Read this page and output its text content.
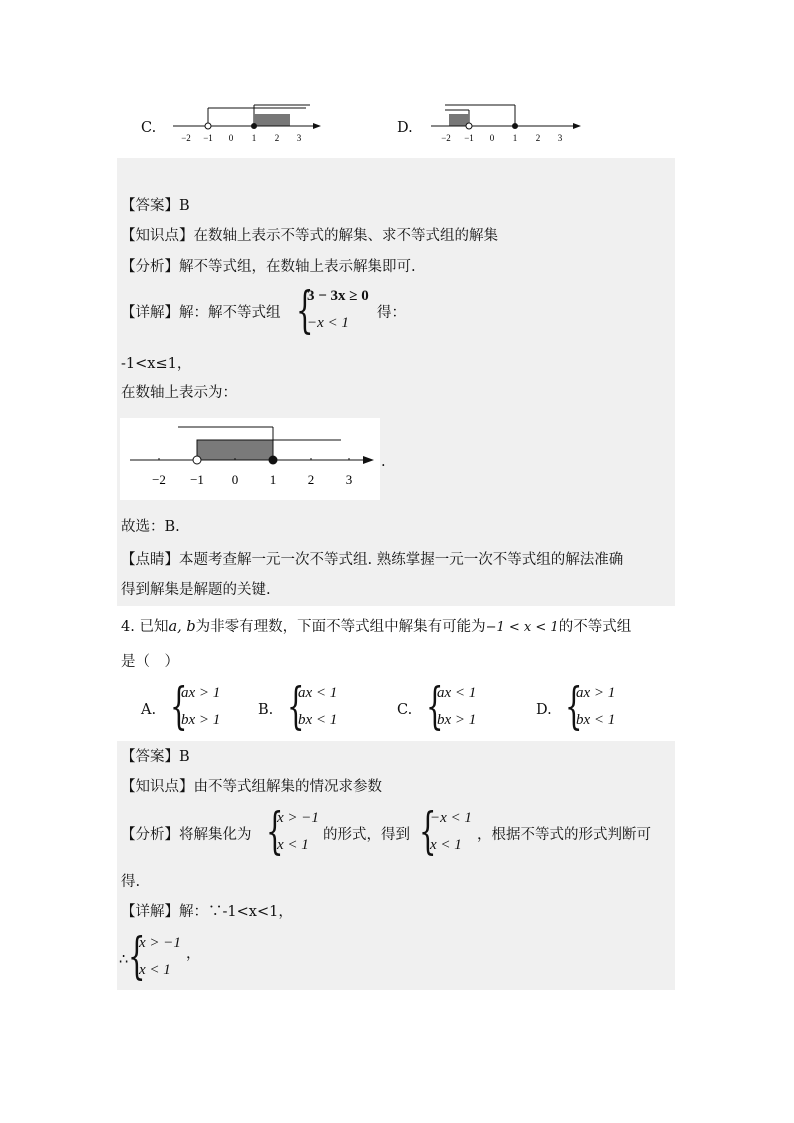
C.
−2 −1 0 1 2 3
D.
−2 −1 0 1 2 3
【答案】B
【知识点】在数轴上表示不等式的解集、求不等式组的解集
【分析】解不等式组，在数轴上表示解集即可.
【详解】解：解不等式组 {
3 − 3x ≥ 0
−x < 1
得：
-1<x≤1，
在数轴上表示为：
−2 −1 0 1 2 3
.
故选：B.
【点睛】本题考查解一元一次不等式组. 熟练掌握一元一次不等式组的解法准确
得到解集是解题的关键.
4. 已知a, b为非零有理数，下面不等式组中解集有可能为−1 < x < 1的不等式组
是（　）
A. {
ax > 1
bx > 1
B. {
ax < 1
bx < 1
C. {
ax < 1
bx > 1
D. {
ax > 1
bx < 1
【答案】B
【知识点】由不等式组解集的情况求参数
【分析】将解集化为 {
x > −1
x < 1
的形式，得到 {
−x < 1
x < 1
，根据不等式的形式判断可
得.
【详解】解：∵-1<x<1，
∴ {
x > −1
x < 1
，
